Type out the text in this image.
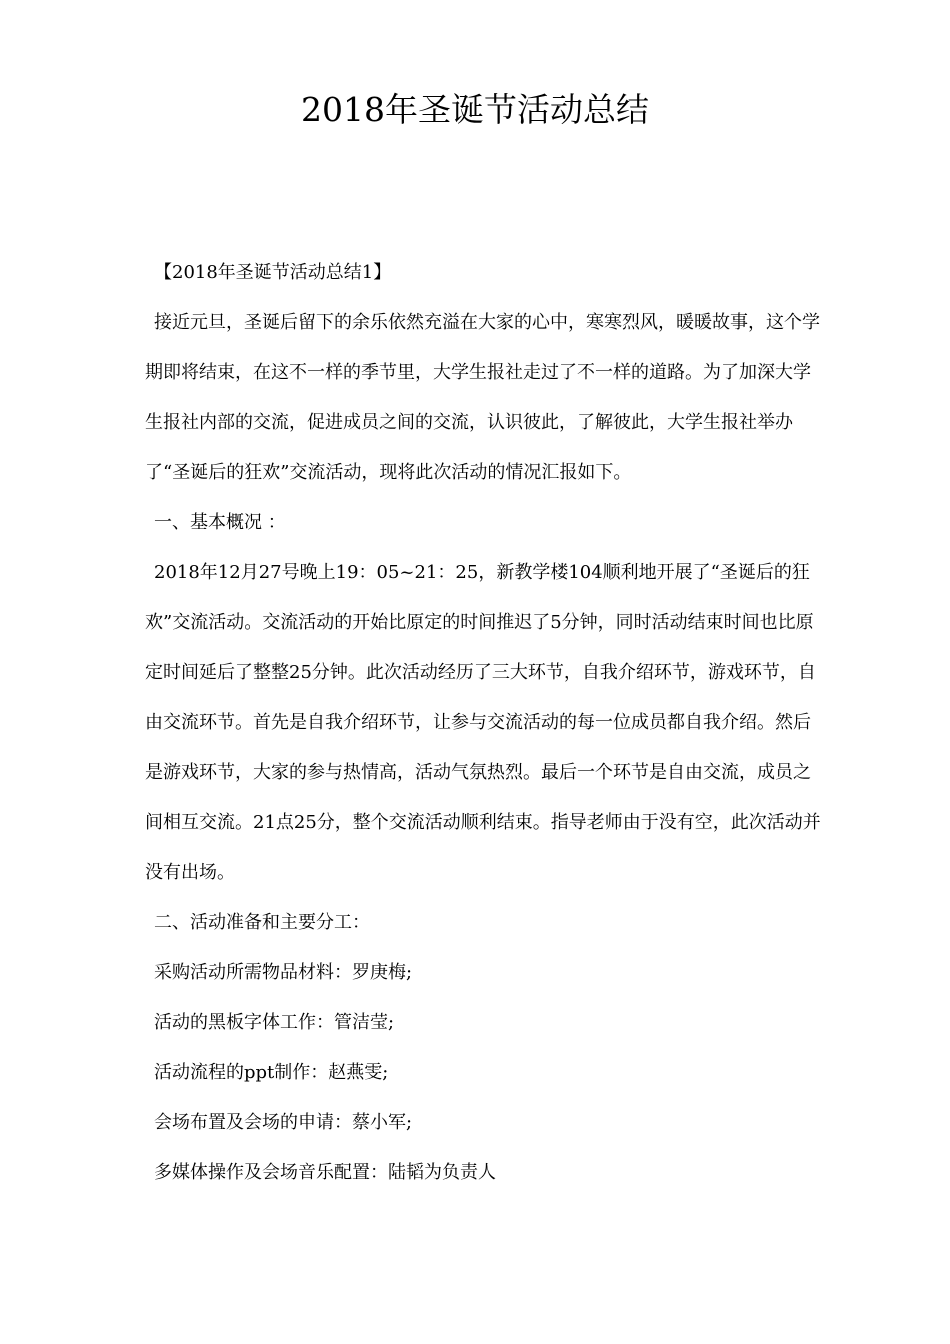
2018年圣诞节活动总结

【2018年圣诞节活动总结1】

接近元旦，圣诞后留下的余乐依然充溢在大家的心中，寒寒烈风，暖暖故事，这个学期即将结束，在这不一样的季节里，大学生报社走过了不一样的道路。为了加深大学生报社内部的交流，促进成员之间的交流，认识彼此，了解彼此，大学生报社举办了“圣诞后的狂欢”交流活动，现将此次活动的情况汇报如下。

一、基本概况 ：

2018年12月27号晚上19：05~21：25，新教学楼104顺利地开展了“圣诞后的狂欢”交流活动。交流活动的开始比原定的时间推迟了5分钟，同时活动结束时间也比原定时间延后了整整25分钟。此次活动经历了三大环节，自我介绍环节，游戏环节，自由交流环节。首先是自我介绍环节，让参与交流活动的每一位成员都自我介绍。然后是游戏环节，大家的参与热情高，活动气氛热烈。最后一个环节是自由交流，成员之间相互交流。21点25分，整个交流活动顺利结束。指导老师由于没有空，此次活动并没有出场。

二、活动准备和主要分工：

采购活动所需物品材料：罗庚梅;

活动的黑板字体工作：管洁莹;

活动流程的ppt制作：赵燕雯;

会场布置及会场的申请：蔡小军;

多媒体操作及会场音乐配置：陆韬为负责人
